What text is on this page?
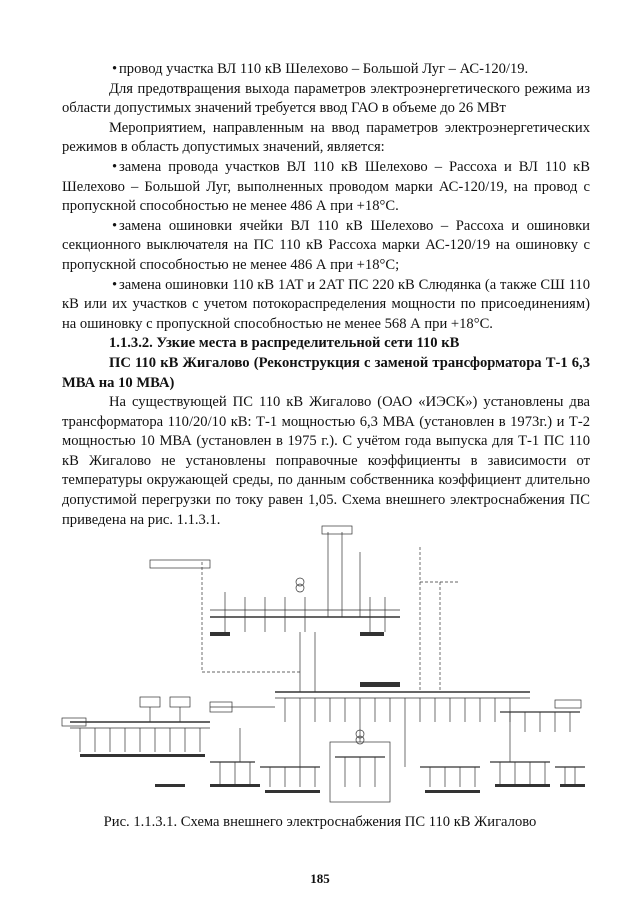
• провод участка ВЛ 110 кВ Шелехово – Большой Луг – АС-120/19.

Для предотвращения выхода параметров электроэнергетического режима из области допустимых значений требуется ввод ГАО в объеме до 26 МВт

Мероприятием, направленным на ввод параметров электроэнергетических режимов в область допустимых значений, является:

• замена провода участков ВЛ 110 кВ Шелехово – Рассоха и ВЛ 110 кВ Шелехово – Большой Луг, выполненных проводом марки АС-120/19, на провод с пропускной способностью не менее 486 А при +18°С.

• замена ошиновки ячейки ВЛ 110 кВ Шелехово – Рассоха и ошиновки секционного выключателя на ПС 110 кВ Рассоха марки АС-120/19 на ошиновку с пропускной способностью не менее 486 А при +18°С;

• замена ошиновки 110 кВ 1АТ и 2АТ ПС 220 кВ Слюдянка (а также СШ 110 кВ или их участков с учетом потокораспределения мощности по присоединениям) на ошиновку с пропускной способностью не менее 568 А при +18°С.

1.1.3.2. Узкие места в распределительной сети 110 кВ

ПС 110 кВ Жигалово (Реконструкция с заменой трансформатора Т-1 6,3 МВА на 10 МВА)

На существующей ПС 110 кВ Жигалово (ОАО «ИЭСК») установлены два трансформатора 110/20/10 кВ: Т-1 мощностью 6,3 МВА (установлен в 1973г.) и Т-2 мощностью 10 МВА (установлен в 1975 г.). С учётом года выпуска для Т-1 ПС 110 кВ Жигалово не установлены поправочные коэффициенты в зависимости от температуры окружающей среды, по данным собственника коэффициент длительно допустимой перегрузки по току равен 1,05. Схема внешнего электроснабжения ПС приведена на рис. 1.1.3.1.

Рис. 1.1.3.1. Схема внешнего электроснабжения ПС 110 кВ Жигалово
185
